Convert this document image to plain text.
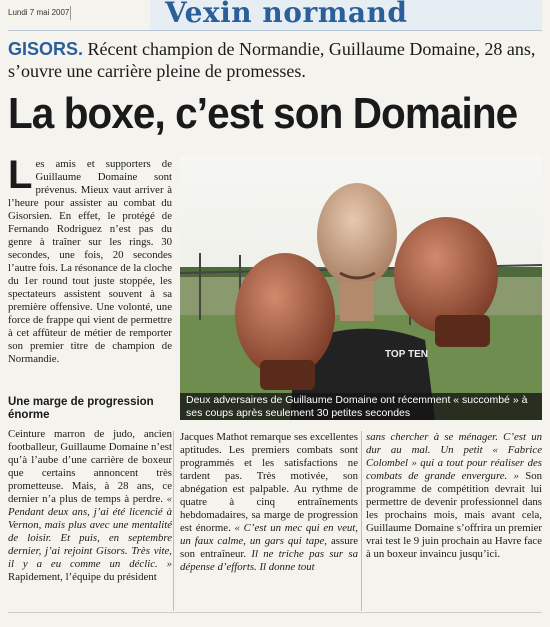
Lundi 7 mai 2007	Vexin normand
GISORS. Récent champion de Normandie, Guillaume Domaine, 28 ans, s’ouvre une carrière pleine de promesses.
La boxe, c’est son Domaine
L es amis et supporters de Guillaume Domaine sont prévenus. Mieux vaut arriver à l’heure pour assister au combat du Gisorsien. En effet, le protégé de Fernando Rodriguez n’est pas du genre à traîner sur les rings. 30 secondes, une fois, 20 secondes l’autre fois. La résonance de la cloche du 1er round tout juste stoppée, les spectateurs assistent souvent à sa première offensive. Une volonté, une force de frappe qui vient de permettre à cet affûteur de métier de remporter son premier titre de champion de Normandie.
Une marge de progression énorme
Ceinture marron de judo, ancien footballeur, Guillaume Domaine n’est qu’à l’aube d’une carrière de boxeur que certains annoncent très prometteuse. Mais, à 28 ans, ce dernier n’a plus de temps à perdre. « Pendant deux ans, j’ai été licencié à Vernon, mais plus avec une mentalité de loisir. Et puis, en septembre dernier, j’ai rejoint Gisors. Très vite, il y a eu comme un déclic. » Rapidement, l’équipe du président
TOP TEN
Deux adversaires de Guillaume Domaine ont récemment « succombé » à ses coups après seulement 30 petites secondes
Jacques Mathot remarque ses excellentes aptitudes. Les premiers combats sont programmés et les satisfactions ne tardent pas. Très motivée, son abnégation est palpable. Au rythme de quatre à cinq entraînements hebdomadaires, sa marge de progression est énorme. « C’est un mec qui en veut, un faux calme, un gars qui tape, assure son entraîneur. Il ne triche pas sur sa dépense d’efforts. Il donne tout
sans chercher à se ménager. C’est un dur au mal. Un petit « Fabrice Colombel » qui a tout pour réaliser des combats de grande envergure. » Son programme de compétition devrait lui permettre de devenir professionnel dans les prochains mois, mais avant cela, Guillaume Domaine s’offrira un premier vrai test le 9 juin prochain au Havre face à un boxeur invaincu jusqu’ici.
